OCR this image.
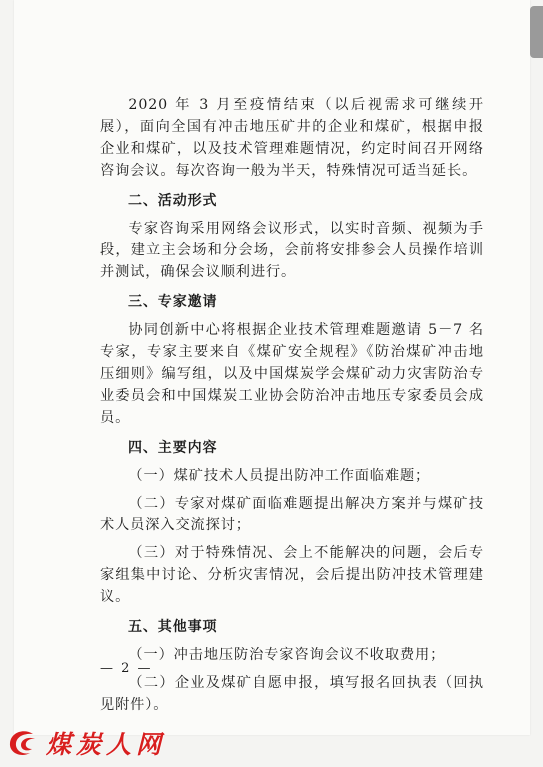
2020 年 3 月至疫情结束（以后视需求可继续开展），面向全国有冲击地压矿井的企业和煤矿，根据申报企业和煤矿，以及技术管理难题情况，约定时间召开网络咨询会议。每次咨询一般为半天，特殊情况可适当延长。

二、活动形式

专家咨询采用网络会议形式，以实时音频、视频为手段，建立主会场和分会场，会前将安排参会人员操作培训并测试，确保会议顺利进行。

三、专家邀请

协同创新中心将根据企业技术管理难题邀请 5－7 名专家，专家主要来自《煤矿安全规程》《防治煤矿冲击地压细则》编写组，以及中国煤炭学会煤矿动力灾害防治专业委员会和中国煤炭工业协会防治冲击地压专家委员会成员。

四、主要内容

（一）煤矿技术人员提出防冲工作面临难题；

（二）专家对煤矿面临难题提出解决方案并与煤矿技术人员深入交流探讨；

（三）对于特殊情况、会上不能解决的问题，会后专家组集中讨论、分析灾害情况，会后提出防冲技术管理建议。

五、其他事项

（一）冲击地压防治专家咨询会议不收取费用；

（二）企业及煤矿自愿申报，填写报名回执表（回执见附件）。

— 2 —
煤炭人网
